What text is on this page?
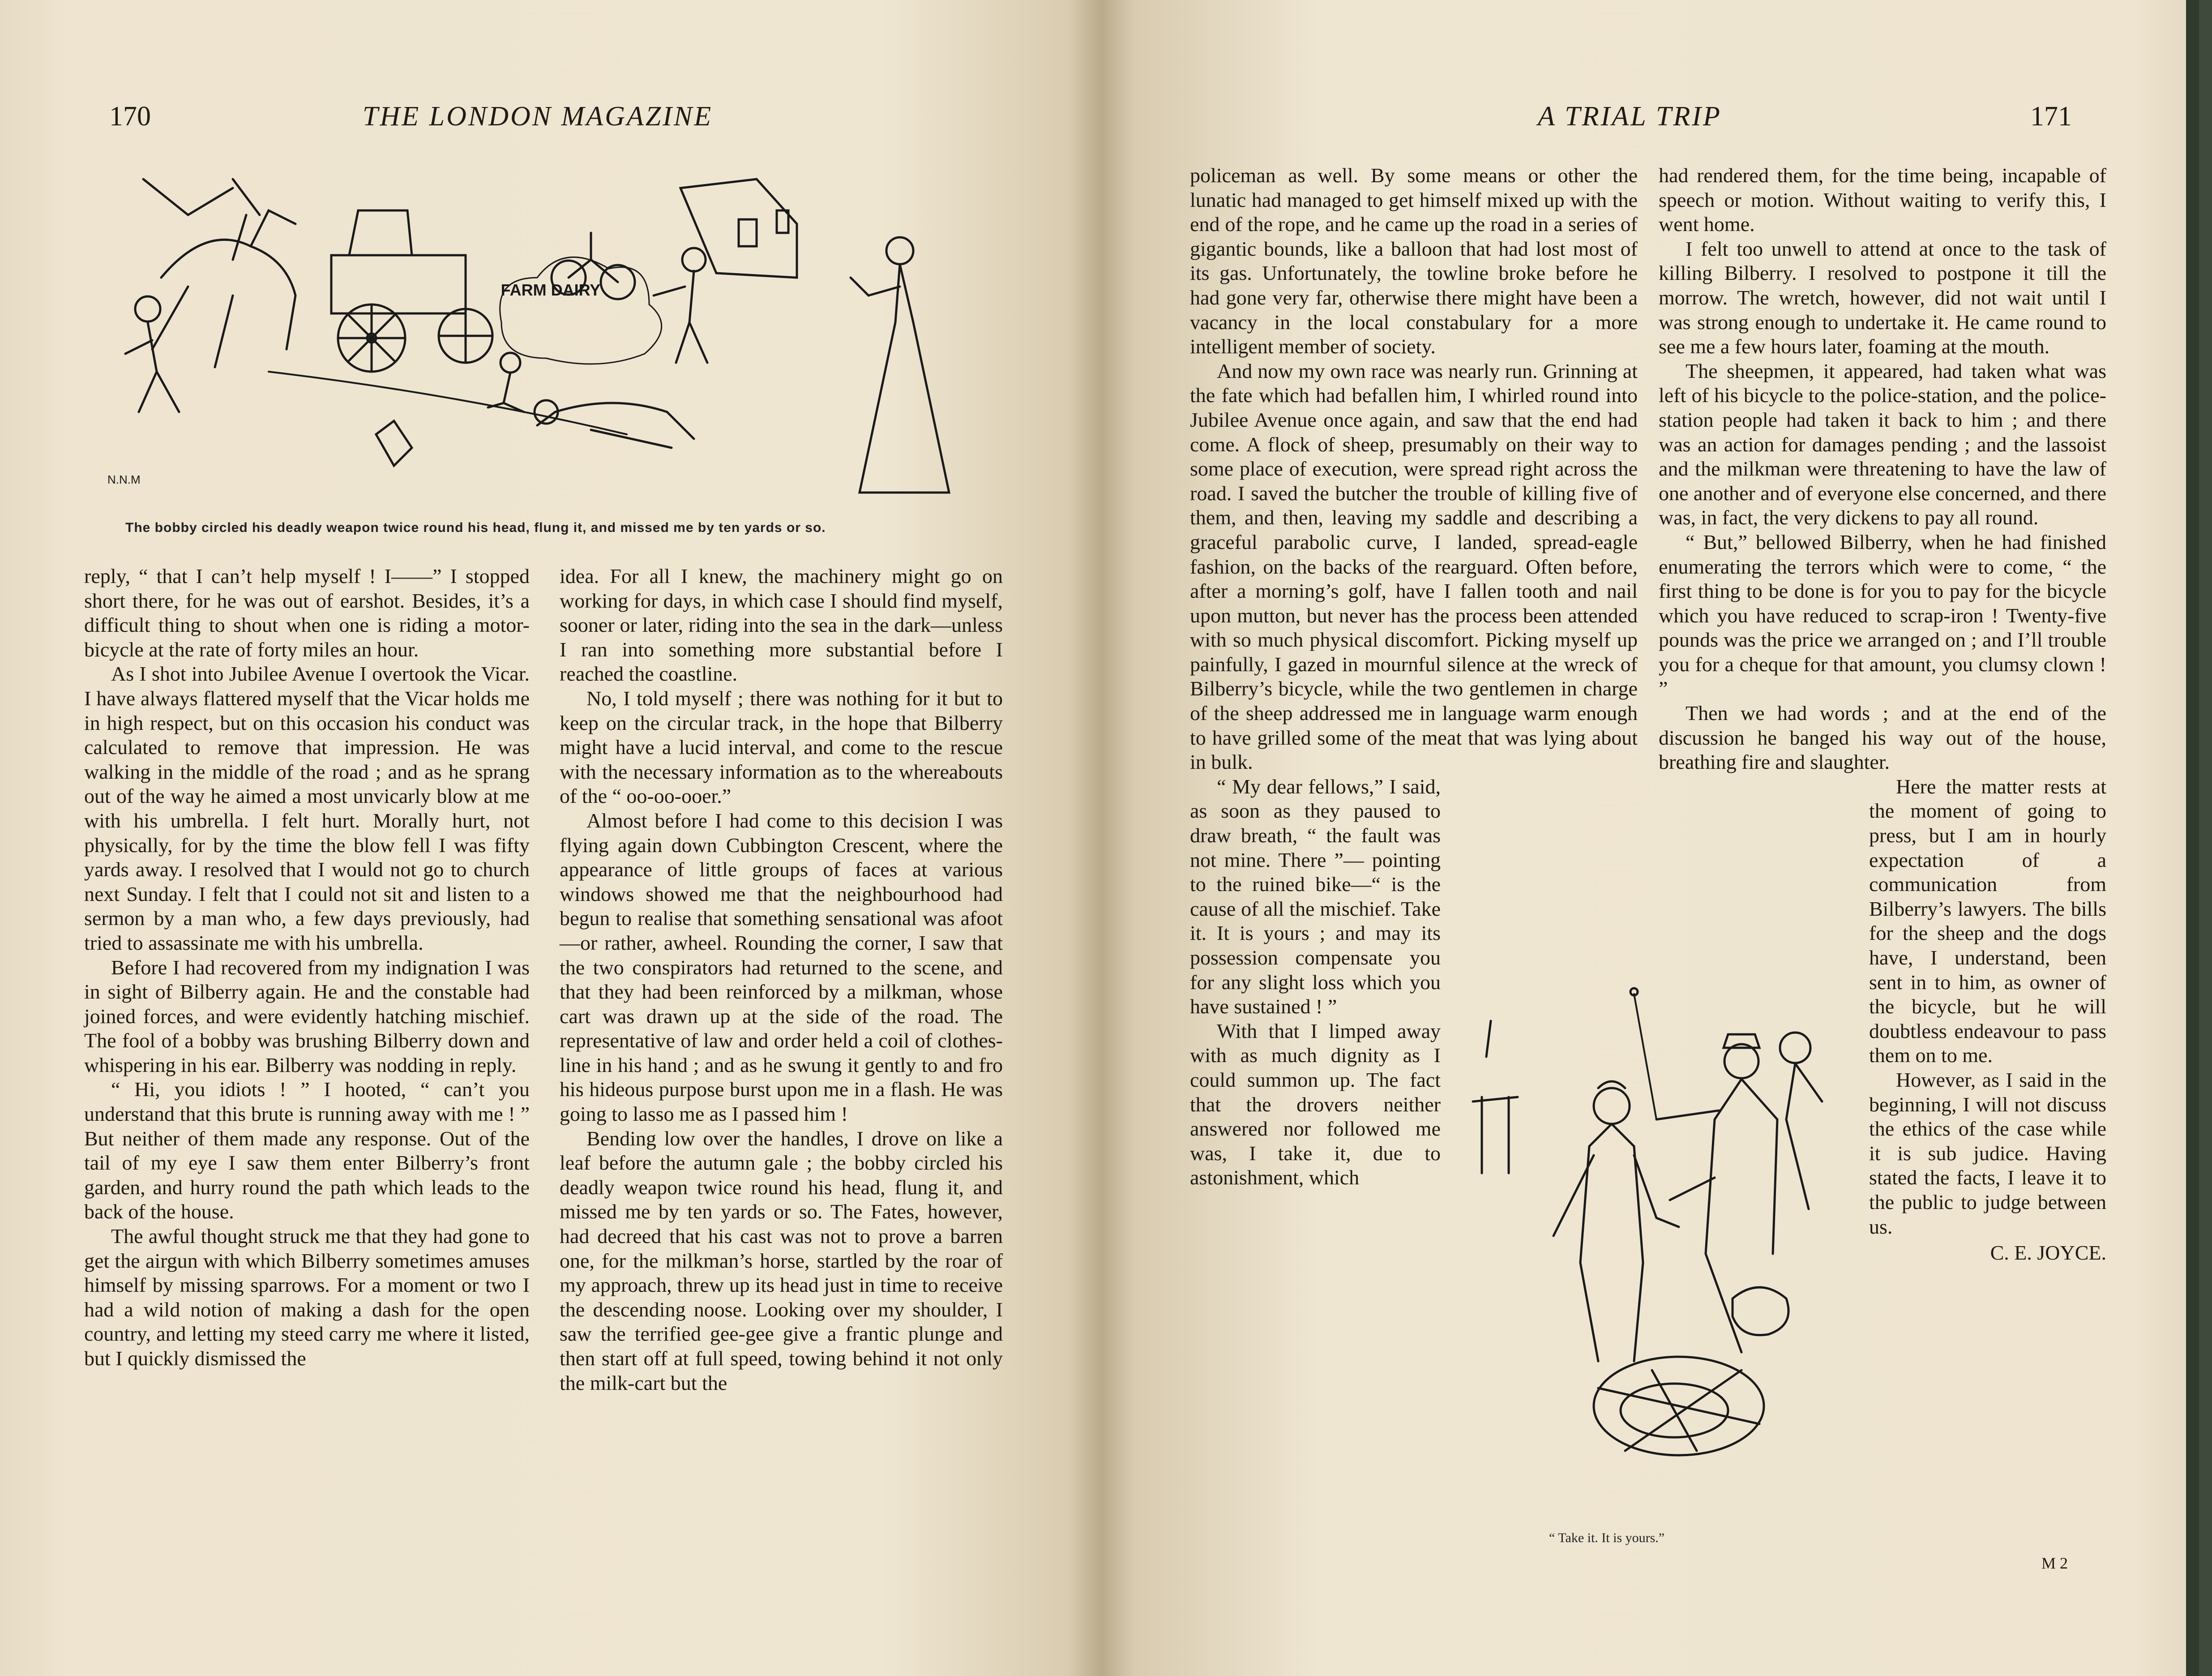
170	THE LONDON MAGAZINE
FARM DAIRY
N.N.M
The bobby circled his deadly weapon twice round his head, flung it, and missed me by ten yards or so.

reply, “ that I can’t help myself ! I——” I stopped short there, for he was out of earshot. Besides, it’s a difficult thing to shout when one is riding a motor-bicycle at the rate of forty miles an hour.

As I shot into Jubilee Avenue I overtook the Vicar. I have always flattered myself that the Vicar holds me in high respect, but on this occasion his conduct was calculated to remove that impression. He was walking in the middle of the road ; and as he sprang out of the way he aimed a most unvicarly blow at me with his umbrella. I felt hurt. Morally hurt, not physically, for by the time the blow fell I was fifty yards away. I resolved that I would not go to church next Sunday. I felt that I could not sit and listen to a sermon by a man who, a few days previously, had tried to assassinate me with his umbrella.

Before I had recovered from my indignation I was in sight of Bilberry again. He and the constable had joined forces, and were evidently hatching mischief. The fool of a bobby was brushing Bilberry down and whispering in his ear. Bilberry was nodding in reply.

“ Hi, you idiots ! ” I hooted, “ can’t you understand that this brute is running away with me ! ” But neither of them made any response. Out of the tail of my eye I saw them enter Bilberry’s front garden, and hurry round the path which leads to the back of the house.

The awful thought struck me that they had gone to get the airgun with which Bilberry sometimes amuses himself by missing sparrows. For a moment or two I had a wild notion of making a dash for the open country, and letting my steed carry me where it listed, but I quickly dismissed the

idea. For all I knew, the machinery might go on working for days, in which case I should find myself, sooner or later, riding into the sea in the dark—unless I ran into something more substantial before I reached the coastline.

No, I told myself ; there was nothing for it but to keep on the circular track, in the hope that Bilberry might have a lucid interval, and come to the rescue with the necessary information as to the whereabouts of the “ oo-oo-ooer.”

Almost before I had come to this decision I was flying again down Cubbington Crescent, where the appearance of little groups of faces at various windows showed me that the neighbourhood had begun to realise that something sensational was afoot—or rather, awheel. Rounding the corner, I saw that the two conspirators had returned to the scene, and that they had been reinforced by a milkman, whose cart was drawn up at the side of the road. The representative of law and order held a coil of clothes-line in his hand ; and as he swung it gently to and fro his hideous purpose burst upon me in a flash. He was going to lasso me as I passed him !

Bending low over the handles, I drove on like a leaf before the autumn gale ; the bobby circled his deadly weapon twice round his head, flung it, and missed me by ten yards or so. The Fates, however, had decreed that his cast was not to prove a barren one, for the milkman’s horse, startled by the roar of my approach, threw up its head just in time to receive the descending noose. Looking over my shoulder, I saw the terrified gee-gee give a frantic plunge and then start off at full speed, towing behind it not only the milk-cart but the

A TRIAL TRIP	171

policeman as well. By some means or other the lunatic had managed to get himself mixed up with the end of the rope, and he came up the road in a series of gigantic bounds, like a balloon that had lost most of its gas. Unfortunately, the towline broke before he had gone very far, otherwise there might have been a vacancy in the local constabulary for a more intelligent member of society.

And now my own race was nearly run. Grinning at the fate which had befallen him, I whirled round into Jubilee Avenue once again, and saw that the end had come. A flock of sheep, presumably on their way to some place of execution, were spread right across the road. I saved the butcher the trouble of killing five of them, and then, leaving my saddle and describing a graceful parabolic curve, I landed, spread-eagle fashion, on the backs of the rearguard. Often before, after a morning’s golf, have I fallen tooth and nail upon mutton, but never has the process been attended with so much physical discomfort. Picking myself up painfully, I gazed in mournful silence at the wreck of Bilberry’s bicycle, while the two gentlemen in charge of the sheep addressed me in language warm enough to have grilled some of the meat that was lying about in bulk.

“ My dear fellows,” I said, as soon as they paused to draw breath, “ the fault was not mine. There ”— pointing to the ruined bike—“ is the cause of all the mischief. Take it. It is yours ; and may its possession compensate you for any slight loss which you have sustained ! ”

With that I limped away with as much dignity as I could summon up. The fact that the drovers neither answered nor followed me was, I take it, due to astonishment, which

had rendered them, for the time being, incapable of speech or motion. Without waiting to verify this, I went home.

I felt too unwell to attend at once to the task of killing Bilberry. I resolved to postpone it till the morrow. The wretch, however, did not wait until I was strong enough to undertake it. He came round to see me a few hours later, foaming at the mouth.

The sheepmen, it appeared, had taken what was left of his bicycle to the police-station, and the police-station people had taken it back to him ; and there was an action for damages pending ; and the lassoist and the milkman were threatening to have the law of one another and of everyone else concerned, and there was, in fact, the very dickens to pay all round.

“ But,” bellowed Bilberry, when he had finished enumerating the terrors which were to come, “ the first thing to be done is for you to pay for the bicycle which you have reduced to scrap-iron ! Twenty-five pounds was the price we arranged on ; and I’ll trouble you for a cheque for that amount, you clumsy clown ! ”

Then we had words ; and at the end of the discussion he banged his way out of the house, breathing fire and slaughter.

Here the matter rests at the moment of going to press, but I am in hourly expectation of a communication from Bilberry’s lawyers. The bills for the sheep and the dogs have, I understand, been sent in to him, as owner of the bicycle, but he will doubtless endeavour to pass them on to me.

However, as I said in the beginning, I will not discuss the ethics of the case while it is sub judice. Having stated the facts, I leave it to the public to judge between us.

C. E. JOYCE.
“ Take it. It is yours.”
M 2
